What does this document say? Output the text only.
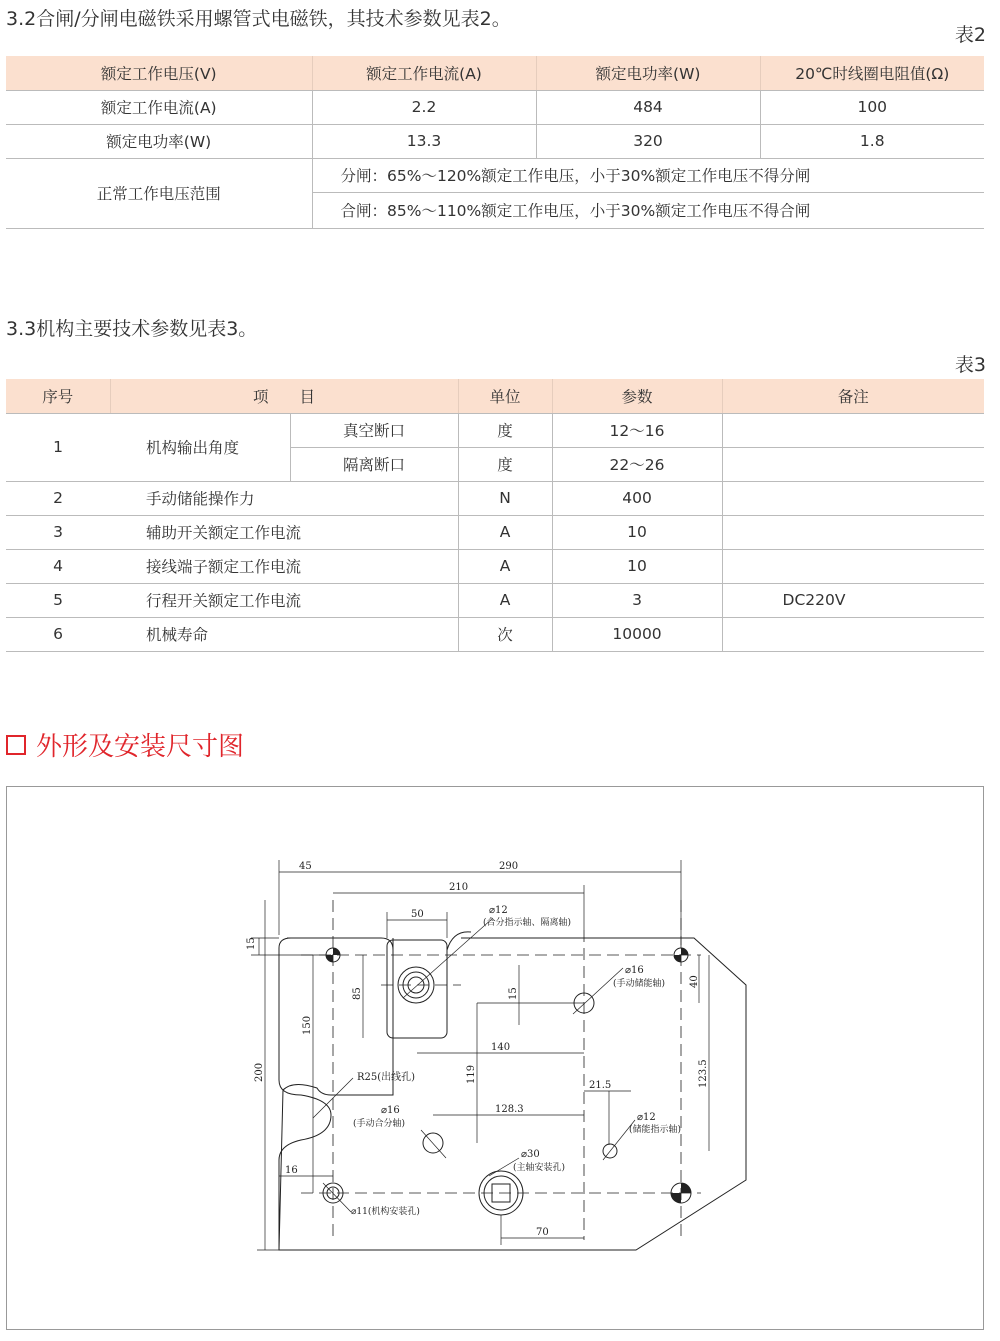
3.2合闸/分闸电磁铁采用螺管式电磁铁，其技术参数见表2。
表2
额定工作电压(V)	额定工作电流(A)	额定电功率(W)	20℃时线圈电阻值(Ω)
额定工作电流(A)	2.2	484	100
额定电功率(W)	13.3	320	1.8
正常工作电压范围	分闸：65%～120%额定工作电压，小于30%额定工作电压不得分闸		
	合闸：85%～110%额定工作电压，小于30%额定工作电压不得合闸		
3.3机构主要技术参数见表3。
表3
序号	项　　目		单位	参数	备注
1	机构输出角度	真空断口	度	12～16	
		隔离断口	度	22～26	
2	手动储能操作力		N	400	
3	辅助开关额定工作电流		A	10	
4	接线端子额定工作电流		A	10	
5	行程开关额定工作电流		A	3	DC220V
6	机械寿命		次	10000	
外形及安装尺寸图
45	290
210
50
15
85	15
40
150
140
200	119	123.5
21.5
128.3
16
70
⌀12
(合分指示轴、隔离轴)
⌀16
(手动储能轴)
R25(出线孔)
⌀16
(手动合分轴)
⌀12
(储能指示轴)
⌀30
(主轴安装孔)
⌀11(机构安装孔)
